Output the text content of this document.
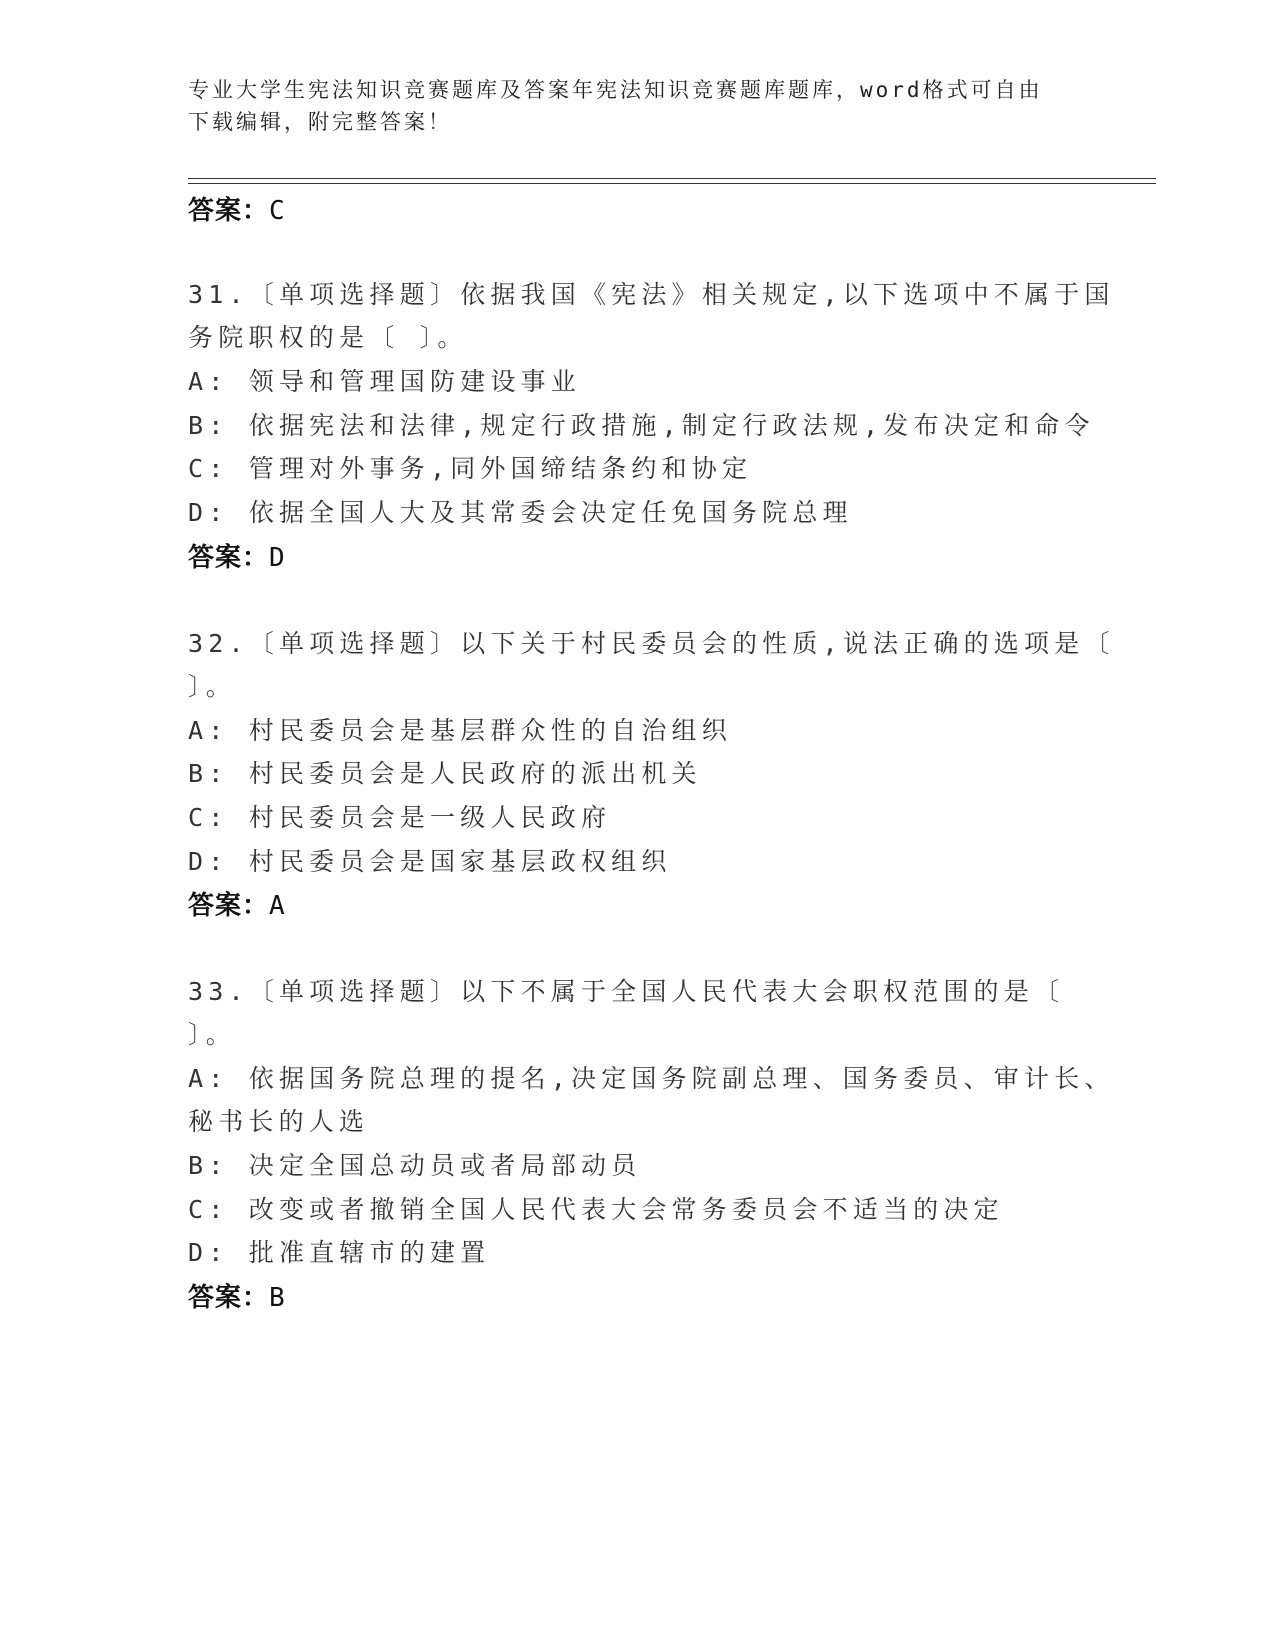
专业大学生宪法知识竞赛题库及答案年宪法知识竞赛题库题库，word格式可自由
下载编辑，附完整答案！
答案：C
31.〔单项选择题〕依据我国《宪法》相关规定,以下选项中不属于国
务院职权的是〔 〕。
A: 领导和管理国防建设事业
B: 依据宪法和法律,规定行政措施,制定行政法规,发布决定和命令
C: 管理对外事务,同外国缔结条约和协定
D: 依据全国人大及其常委会决定任免国务院总理
答案：D
32.〔单项选择题〕以下关于村民委员会的性质,说法正确的选项是〔
〕。
A: 村民委员会是基层群众性的自治组织
B: 村民委员会是人民政府的派出机关
C: 村民委员会是一级人民政府
D: 村民委员会是国家基层政权组织
答案：A
33.〔单项选择题〕以下不属于全国人民代表大会职权范围的是〔
〕。
A: 依据国务院总理的提名,决定国务院副总理、国务委员、审计长、
秘书长的人选
B: 决定全国总动员或者局部动员
C: 改变或者撤销全国人民代表大会常务委员会不适当的决定
D: 批准直辖市的建置
答案：B
